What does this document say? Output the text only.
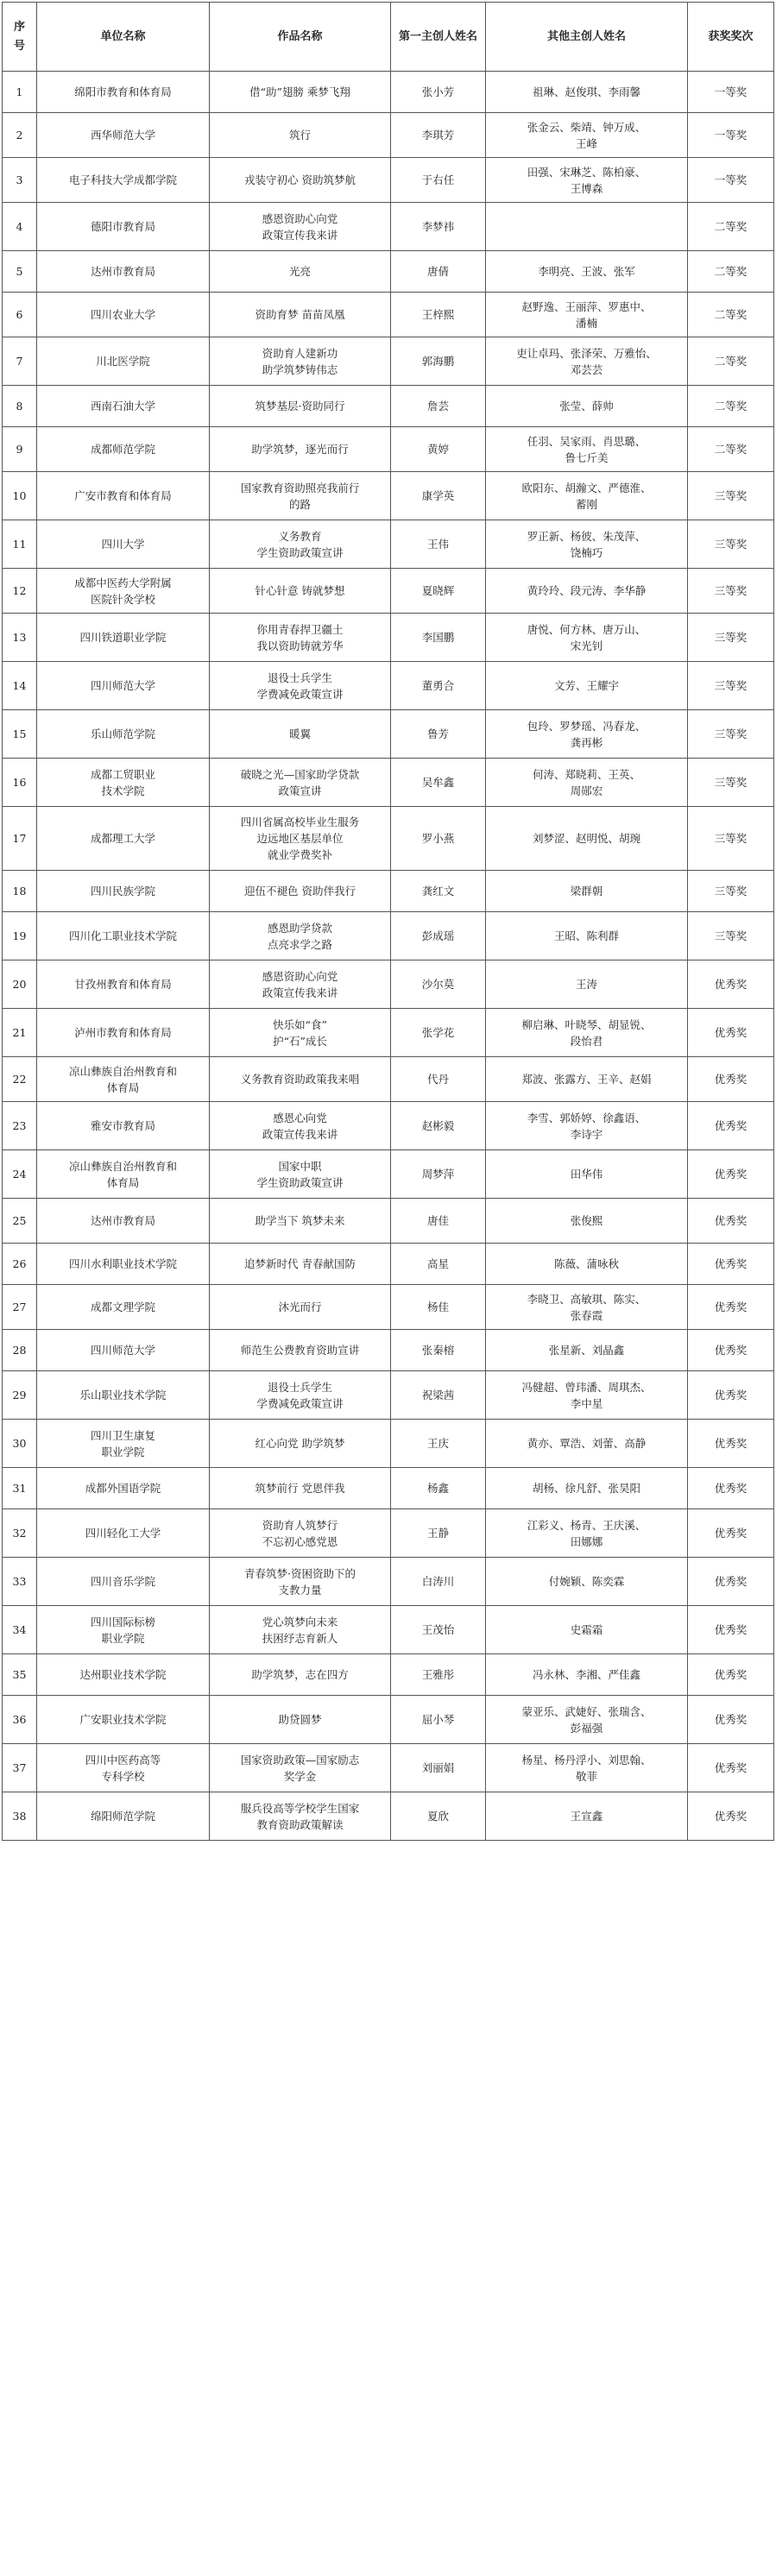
序
号	单位名称	作品名称	第一主创人姓名	其他主创人姓名	获奖奖次
1	绵阳市教育和体育局	借“助”翅膀 乘梦飞翔	张小芳	祖琳、赵俊琪、李雨馨	一等奖
2	西华师范大学	筑行	李琪芳	张金云、柴靖、钟万成、
王峰	一等奖
3	电子科技大学成都学院	戎装守初心 资助筑梦航	于右任	田强、宋琳芝、陈柏豪、
王博森	一等奖
4	德阳市教育局	感恩资助心向党
政策宣传我来讲	李梦祎		二等奖
5	达州市教育局	光亮	唐倩	李明亮、王波、张军	二等奖
6	四川农业大学	资助育梦 苗苗凤凰	王梓熙	赵野逸、王丽萍、罗惠中、
潘楠	二等奖
7	川北医学院	资助育人建新功
助学筑梦铸伟志	郭海鹏	吏让卓玛、张泽荣、万雅怡、
邓芸芸	二等奖
8	西南石油大学	筑梦基层·资助同行	詹芸	张莹、薛帅	二等奖
9	成都师范学院	助学筑梦，逐光而行	黄婷	任羽、吴家雨、肖思璐、
鲁七斤美	二等奖
10	广安市教育和体育局	国家教育资助照亮我前行
的路	康学英	欧阳东、胡瀚文、严德淮、
蓄刚	三等奖
11	四川大学	义务教育
学生资助政策宣讲	王伟	罗正新、杨彼、朱茂萍、
饶楠巧	三等奖
12	成都中医药大学附属
医院针灸学校	针心针意 铸就梦想	夏晓辉	黄玲玲、段元涛、李华静	三等奖
13	四川铁道职业学院	你用青春捍卫疆土
我以资助铸就芳华	李国鹏	唐悦、何方林、唐万山、
宋光钊	三等奖
14	四川师范大学	退役士兵学生
学费减免政策宣讲	董勇合	文芳、王耀宇	三等奖
15	乐山师范学院	暖翼	鲁芳	包玲、罗梦瑶、冯春龙、
龚再彬	三等奖
16	成都工贸职业
技术学院	破晓之光—国家助学贷款
政策宣讲	吴牟鑫	何涛、郑晓莉、王英、
周郧宏	三等奖
17	成都理工大学	四川省属高校毕业生服务
边远地区基层单位
就业学费奖补	罗小燕	刘梦涩、赵明悦、胡琬	三等奖
18	四川民族学院	迎伍不褪色 资助伴我行	龚红文	梁群朝	三等奖
19	四川化工职业技术学院	感恩助学贷款
点亮求学之路	彭成瑶	王昭、陈利群	三等奖
20	甘孜州教育和体育局	感恩资助心向党
政策宣传我来讲	沙尔莫	王涛	优秀奖
21	泸州市教育和体育局	快乐如“食”
护“石”成长	张学花	柳启琳、叶晓琴、胡显锐、
段怡君	优秀奖
22	凉山彝族自治州教育和
体育局	义务教育资助政策我来唱	代丹	郑波、张露方、王辛、赵娟	优秀奖
23	雅安市教育局	感恩心向党
政策宣传我来讲	赵彬毅	李雪、郭娇婷、徐鑫语、
李诗宇	优秀奖
24	凉山彝族自治州教育和
体育局	国家中职
学生资助政策宣讲	周梦萍	田华伟	优秀奖
25	达州市教育局	助学当下 筑梦未来	唐佳	张俊熙	优秀奖
26	四川水利职业技术学院	追梦新时代 青春献国防	高星	陈薇、蒲咏秋	优秀奖
27	成都文理学院	沐光而行	杨佳	李晓卫、高敏琪、陈实、
张春霞	优秀奖
28	四川师范大学	师范生公费教育资助宣讲	张秦榕	张星新、刘晶鑫	优秀奖
29	乐山职业技术学院	退役士兵学生
学费减免政策宣讲	祝梁茜	冯健超、曾玮潘、周琪杰、
李中星	优秀奖
30	四川卫生康复
职业学院	红心向党 助学筑梦	王庆	黄亦、覃浩、刘蕾、高静	优秀奖
31	成都外国语学院	筑梦前行 党恩伴我	杨鑫	胡杨、徐凡舒、张昊阳	优秀奖
32	四川轻化工大学	资助育人筑梦行
不忘初心感党恩	王静	江彩义、杨青、王庆溪、
田娜娜	优秀奖
33	四川音乐学院	青春筑梦·资困资助下的
支教力量	白涛川	付婉颖、陈奕霖	优秀奖
34	四川国际标榜
职业学院	党心筑梦向未来
扶困纾志育新人	王茂怡	史霜霜	优秀奖
35	达州职业技术学院	助学筑梦，志在四方	王雅彤	冯永林、李湘、严佳鑫	优秀奖
36	广安职业技术学院	助贷圆梦	屈小琴	蒙亚乐、武婕好、张瑞含、
彭福强	优秀奖
37	四川中医药高等
专科学校	国家资助政策—国家励志
奖学金	刘丽娟	杨星、杨丹浮小、刘思翰、
敬菲	优秀奖
38	绵阳师范学院	服兵役高等学校学生国家
教育资助政策解读	夏欣	王宣鑫	优秀奖
